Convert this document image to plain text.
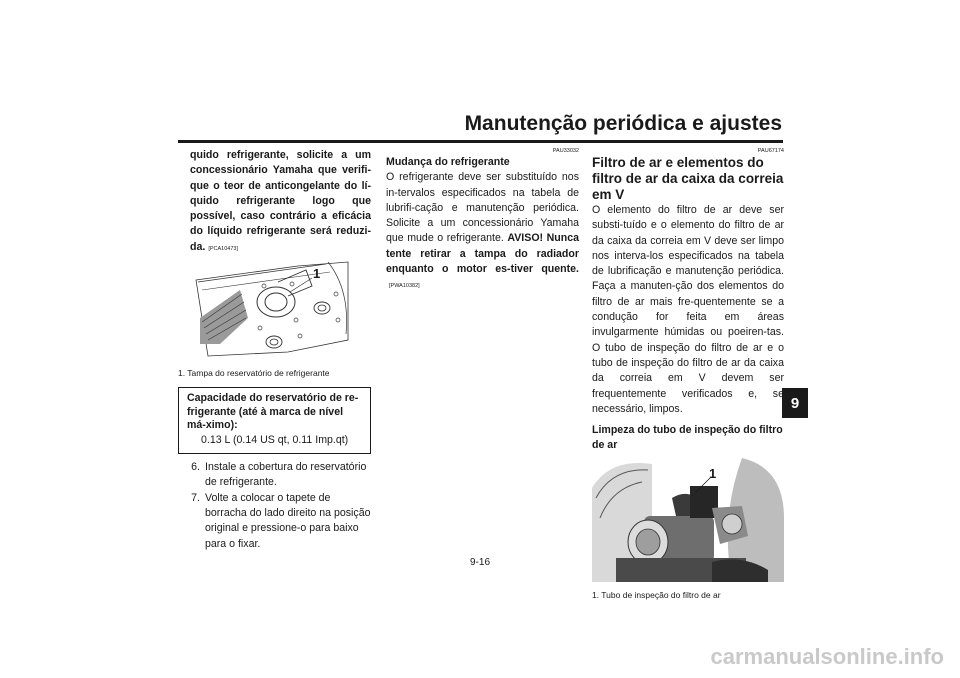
Manutenção periódica e ajustes
9
quido refrigerante, solicite a um concessionário Yamaha que verifi-que o teor de anticongelante do lí-quido refrigerante logo que possível, caso contrário a eficácia do líquido refrigerante será reduzi-da. [PCA10473]
1
1. Tampa do reservatório de refrigerante
Capacidade do reservatório de re-frigerante (até à marca de nível má-ximo):
0.13 L (0.14 US qt, 0.11 Imp.qt)
6. Instale a cobertura do reservatório de refrigerante.
7. Volte a colocar o tapete de borracha do lado direito na posição original e pressione-o para baixo para o fixar.
PAU33032
Mudança do refrigerante
O refrigerante deve ser substituído nos in-tervalos especificados na tabela de lubrifi-cação e manutenção periódica. Solicite a um concessionário Yamaha que mude o refrigerante. AVISO! Nunca tente retirar a tampa do radiador enquanto o motor es-tiver quente.[PWA10382]
PAU67174
Filtro de ar e elementos do filtro de ar da caixa da correia em V
O elemento do filtro de ar deve ser substi-tuído e o elemento do filtro de ar da caixa da correia em V deve ser limpo nos interva-los especificados na tabela de lubrificação e manutenção periódica. Faça a manuten-ção dos elementos do filtro de ar mais fre-quentemente se a condução for feita em áreas invulgarmente húmidas ou poeiren-tas. O tubo de inspeção do filtro de ar e o tubo de inspeção do filtro de ar da caixa da correia em V devem ser frequentemente verificados e, se necessário, limpos.
Limpeza do tubo de inspeção do filtro de ar
1
1. Tubo de inspeção do filtro de ar
9-16
carmanualsonline.info
